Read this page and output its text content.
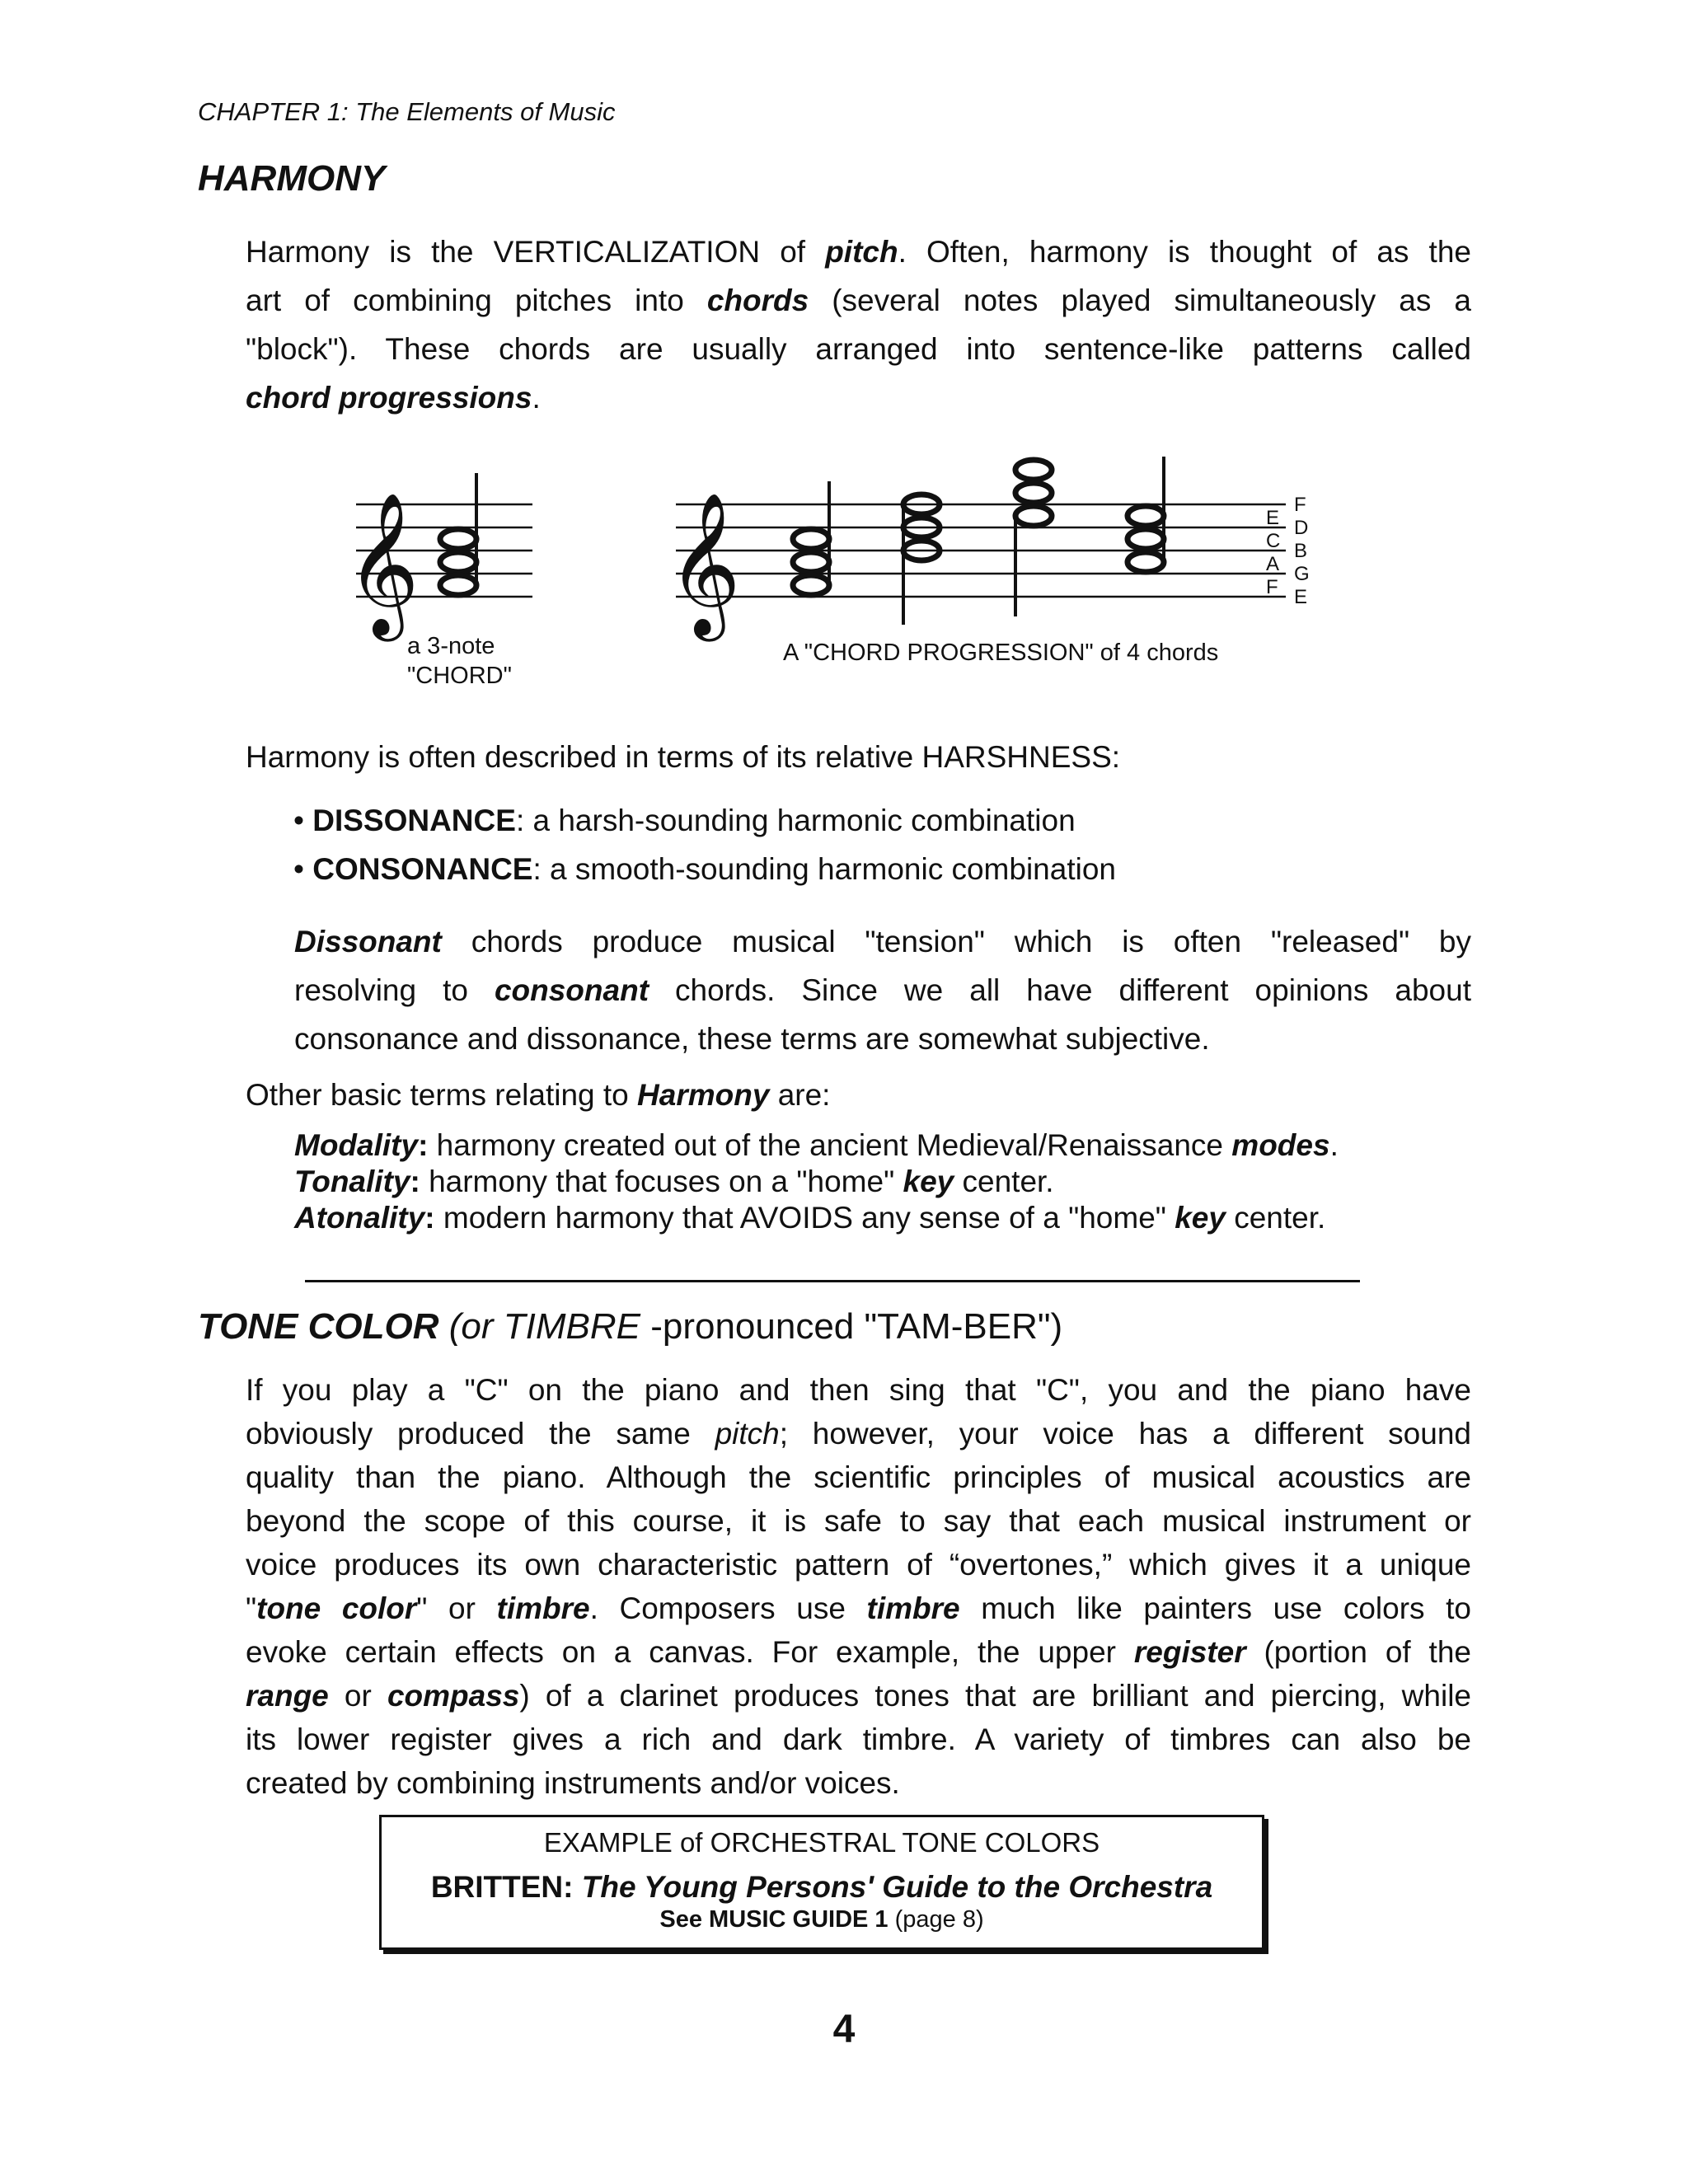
CHAPTER 1: The Elements of Music
HARMONY
Harmony is the VERTICALIZATION of pitch. Often, harmony is thought of as the
art of combining pitches into chords (several notes played simultaneously as a
"block"). These chords are usually arranged into sentence-like patterns called
chord progressions.
𝄞 𝄞	E
C
A
F
F
D
B
G
E
a 3-note
"CHORD"
A "CHORD PROGRESSION" of 4 chords
Harmony is often described in terms of its relative HARSHNESS:
• DISSONANCE: a harsh-sounding harmonic combination
• CONSONANCE: a smooth-sounding harmonic combination
Dissonant chords produce musical "tension" which is often "released" by
resolving to consonant chords. Since we all have different opinions about
consonance and dissonance, these terms are somewhat subjective.
Other basic terms relating to Harmony are:
Modality: harmony created out of the ancient Medieval/Renaissance modes.
Tonality: harmony that focuses on a "home" key center.
Atonality: modern harmony that AVOIDS any sense of a "home" key center.
TONE COLOR (or TIMBRE -pronounced "TAM-BER")
If you play a "C" on the piano and then sing that "C", you and the piano have
obviously produced the same pitch; however, your voice has a different sound
quality than the piano. Although the scientific principles of musical acoustics are
beyond the scope of this course, it is safe to say that each musical instrument or
voice produces its own characteristic pattern of “overtones,” which gives it a unique
"tone color" or timbre. Composers use timbre much like painters use colors to
evoke certain effects on a canvas. For example, the upper register (portion of the
range or compass) of a clarinet produces tones that are brilliant and piercing, while
its lower register gives a rich and dark timbre. A variety of timbres can also be
created by combining instruments and/or voices.
EXAMPLE of ORCHESTRAL TONE COLORS
BRITTEN: The Young Persons' Guide to the Orchestra
See MUSIC GUIDE 1 (page 8)
4
